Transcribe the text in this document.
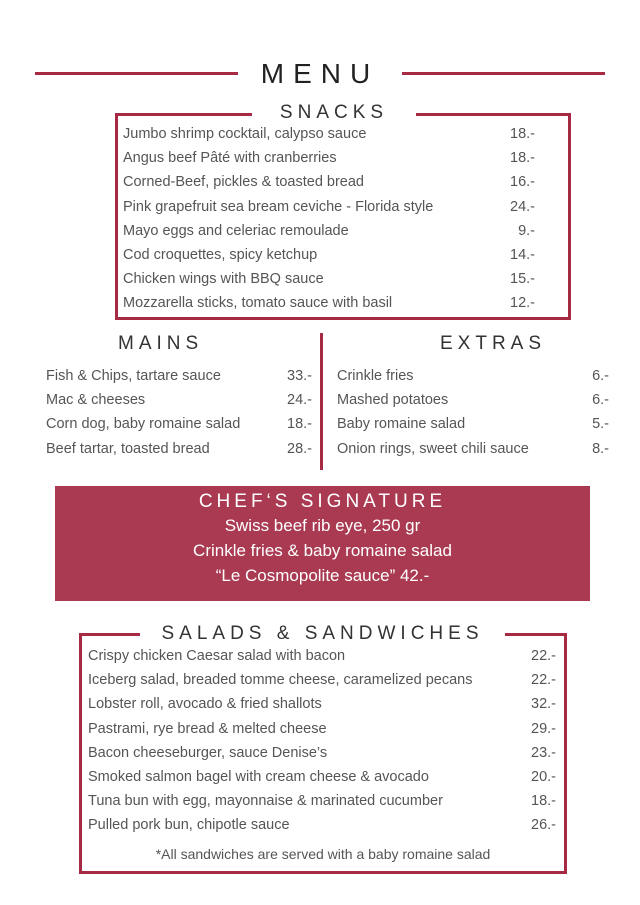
MENU
SNACKS
Jumbo shrimp cocktail, calypso sauce	18.-
Angus beef Pâté with cranberries	18.-
Corned-Beef, pickles & toasted bread	16.-
Pink grapefruit sea bream ceviche - Florida style	24.-
Mayo eggs and celeriac remoulade	9.-
Cod croquettes, spicy ketchup	14.-
Chicken wings with BBQ sauce	15.-
Mozzarella sticks, tomato sauce with basil	12.-
MAINS	EXTRAS
Fish & Chips, tartare sauce	33.-
Mac & cheeses	24.-
Corn dog, baby romaine salad	18.-
Beef tartar, toasted bread	28.-
Crinkle fries	6.-
Mashed potatoes	6.-
Baby romaine salad	5.-
Onion rings, sweet chili sauce	8.-
CHEF‘S SIGNATURE
Swiss beef rib eye, 250 gr
Crinkle fries & baby romaine salad
“Le Cosmopolite sauce” 42.-
SALADS & SANDWICHES
Crispy chicken Caesar salad with bacon	22.-
Iceberg salad, breaded tomme cheese, caramelized pecans	22.-
Lobster roll, avocado & fried shallots	32.-
Pastrami, rye bread & melted cheese	29.-
Bacon cheeseburger, sauce Denise’s	23.-
Smoked salmon bagel with cream cheese & avocado	20.-
Tuna bun with egg, mayonnaise & marinated cucumber	18.-
Pulled pork bun, chipotle sauce	26.-
*All sandwiches are served with a baby romaine salad
